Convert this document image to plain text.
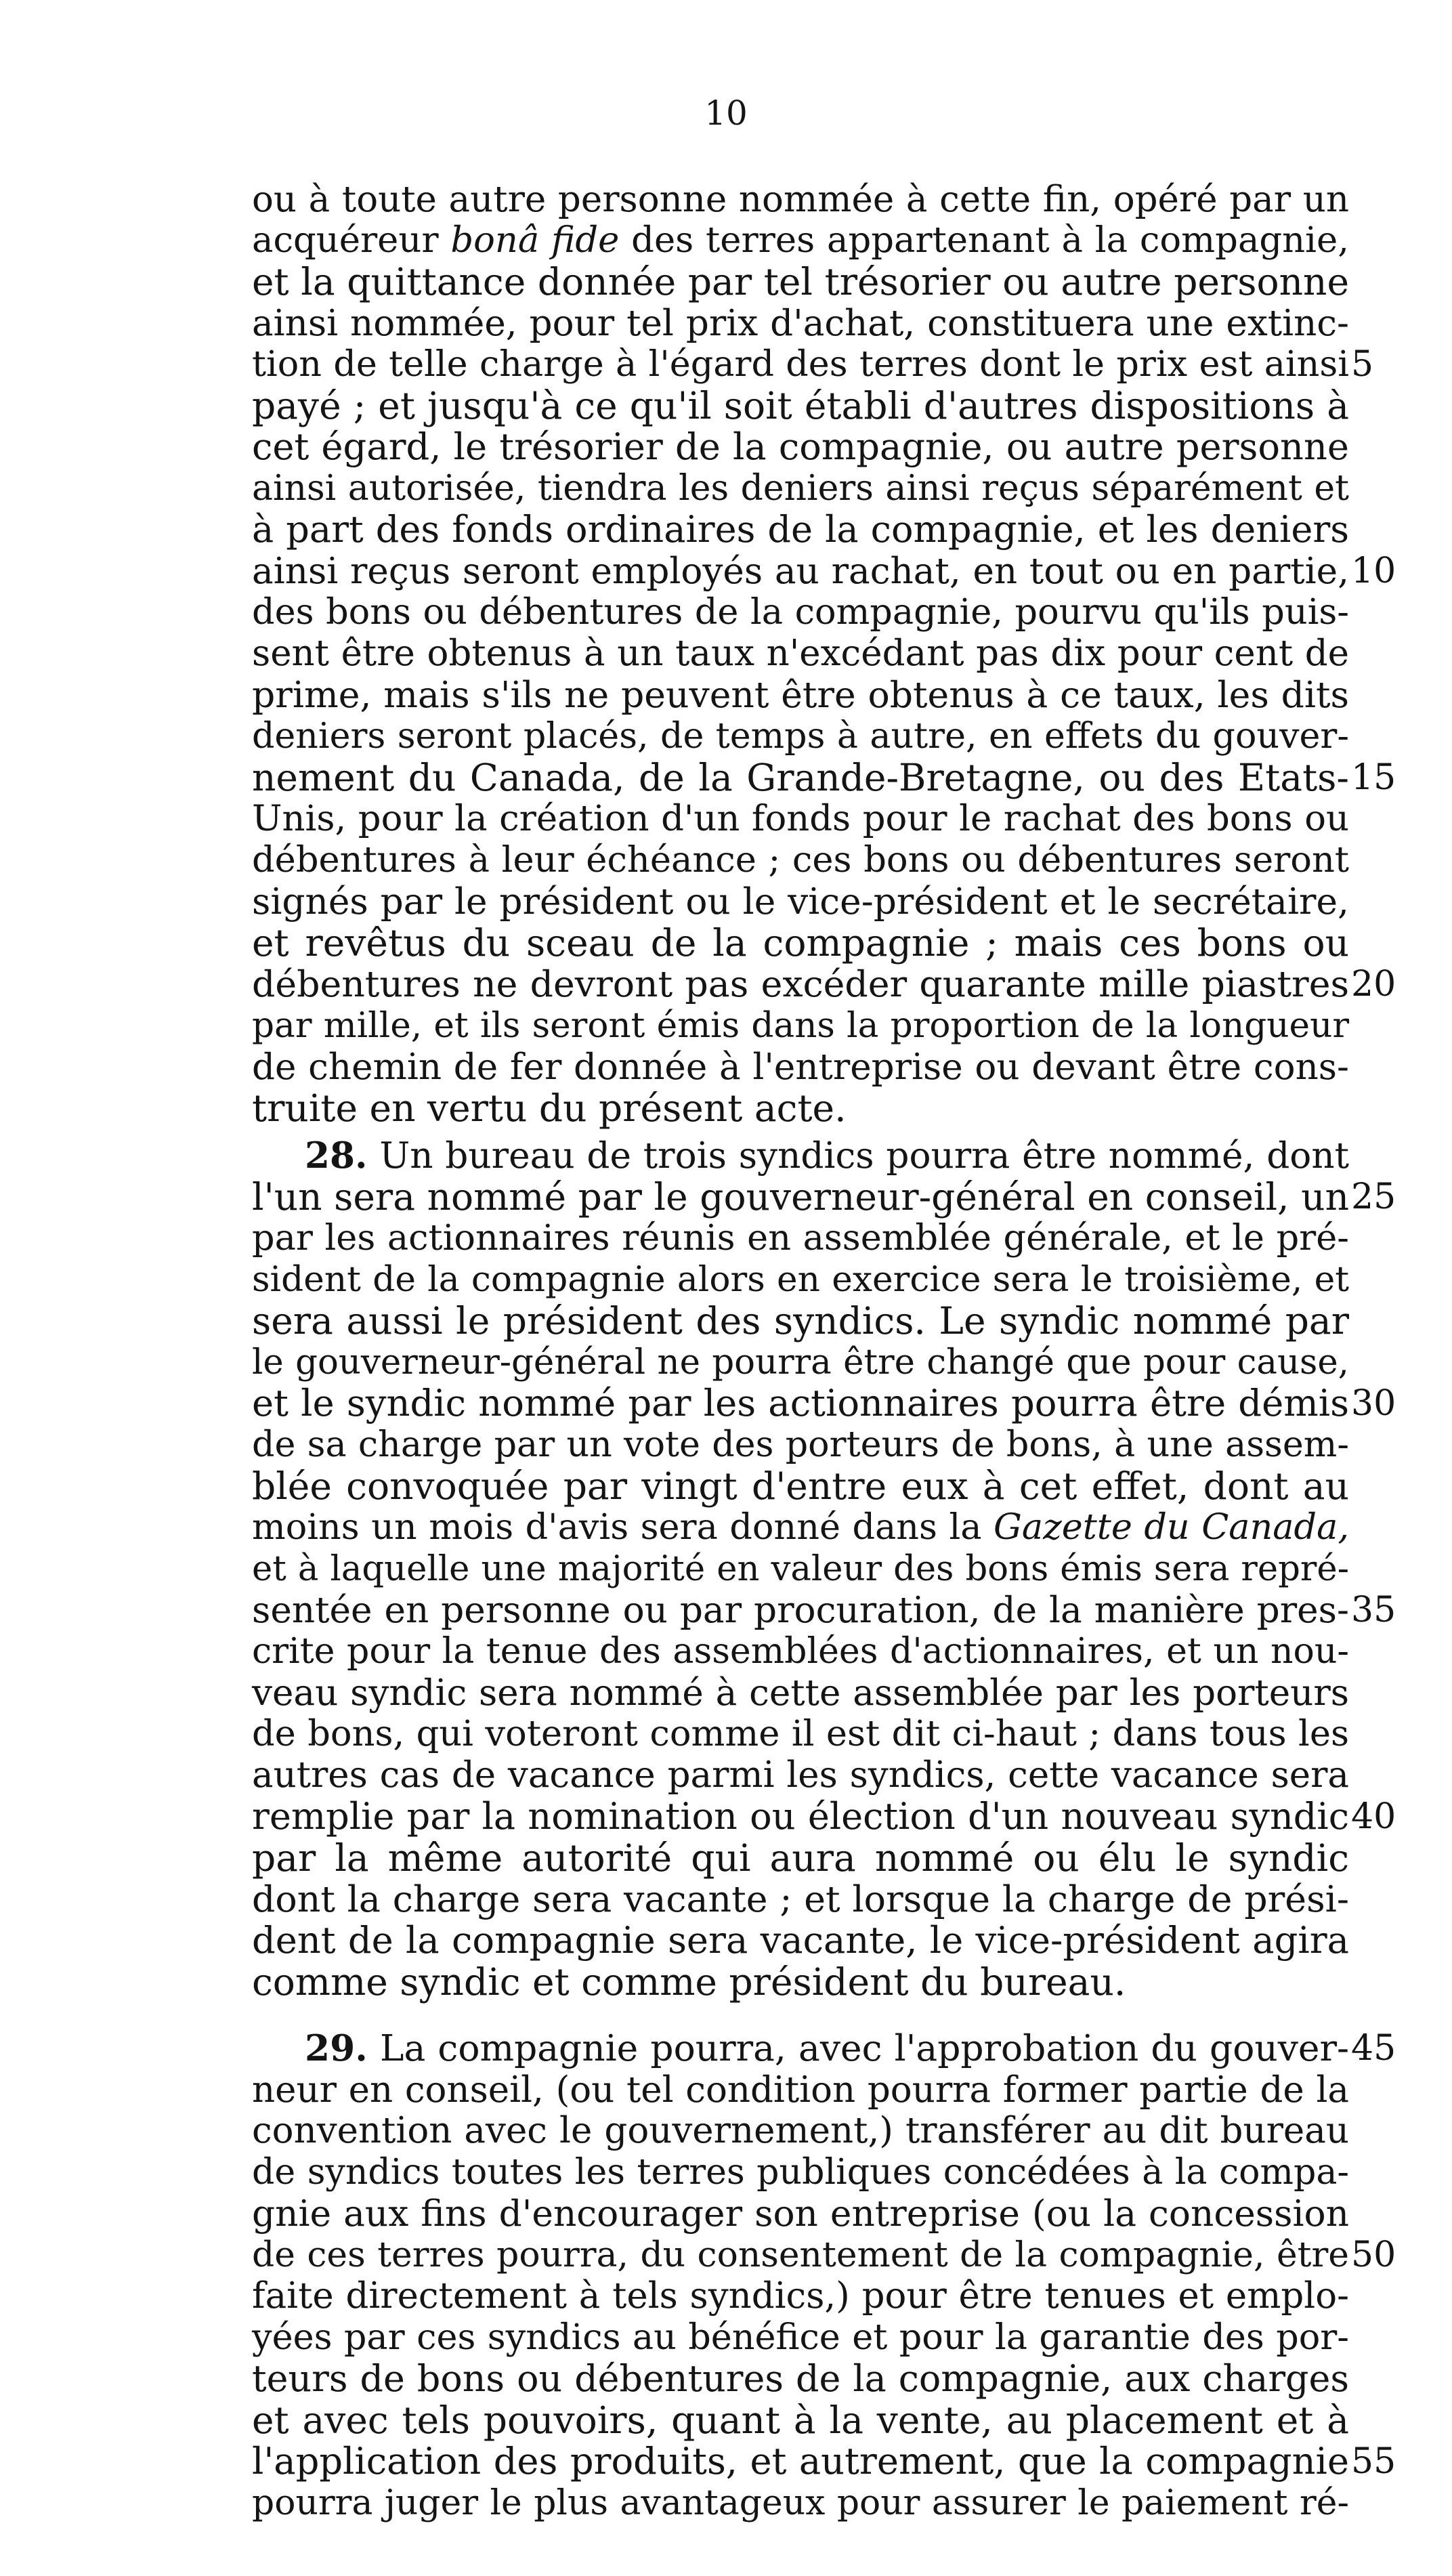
10
ou à toute autre personne nommée à cette fin, opéré par un
acquéreur bonâ fide des terres appartenant à la compagnie,
et la quittance donnée par tel trésorier ou autre personne
ainsi nommée, pour tel prix d'achat, constituera une extinc-
tion de telle charge à l'égard des terres dont le prix est ainsi 5
payé ; et jusqu'à ce qu'il soit établi d'autres dispositions à
cet égard, le trésorier de la compagnie, ou autre personne
ainsi autorisée, tiendra les deniers ainsi reçus séparément et
à part des fonds ordinaires de la compagnie, et les deniers
ainsi reçus seront employés au rachat, en tout ou en partie, 10
des bons ou débentures de la compagnie, pourvu qu'ils puis-
sent être obtenus à un taux n'excédant pas dix pour cent de
prime, mais s'ils ne peuvent être obtenus à ce taux, les dits
deniers seront placés, de temps à autre, en effets du gouver-
nement du Canada, de la Grande-Bretagne, ou des Etats- 15
Unis, pour la création d'un fonds pour le rachat des bons ou
débentures à leur échéance ; ces bons ou débentures seront
signés par le président ou le vice-président et le secrétaire,
et revêtus du sceau de la compagnie ; mais ces bons ou
débentures ne devront pas excéder quarante mille piastres 20
par mille, et ils seront émis dans la proportion de la longueur
de chemin de fer donnée à l'entreprise ou devant être cons-
truite en vertu du présent acte.
28. Un bureau de trois syndics pourra être nommé, dont
l'un sera nommé par le gouverneur-général en conseil, un 25
par les actionnaires réunis en assemblée générale, et le pré-
sident de la compagnie alors en exercice sera le troisième, et
sera aussi le président des syndics. Le syndic nommé par
le gouverneur-général ne pourra être changé que pour cause,
et le syndic nommé par les actionnaires pourra être démis 30
de sa charge par un vote des porteurs de bons, à une assem-
blée convoquée par vingt d'entre eux à cet effet, dont au
moins un mois d'avis sera donné dans la Gazette du Canada,
et à laquelle une majorité en valeur des bons émis sera repré-
sentée en personne ou par procuration, de la manière pres- 35
crite pour la tenue des assemblées d'actionnaires, et un nou-
veau syndic sera nommé à cette assemblée par les porteurs
de bons, qui voteront comme il est dit ci-haut ; dans tous les
autres cas de vacance parmi les syndics, cette vacance sera
remplie par la nomination ou élection d'un nouveau syndic 40
par la même autorité qui aura nommé ou élu le syndic
dont la charge sera vacante ; et lorsque la charge de prési-
dent de la compagnie sera vacante, le vice-président agira
comme syndic et comme président du bureau.
29. La compagnie pourra, avec l'approbation du gouver- 45
neur en conseil, (ou tel condition pourra former partie de la
convention avec le gouvernement,) transférer au dit bureau
de syndics toutes les terres publiques concédées à la compa-
gnie aux fins d'encourager son entreprise (ou la concession
de ces terres pourra, du consentement de la compagnie, être 50
faite directement à tels syndics,) pour être tenues et emplo-
yées par ces syndics au bénéfice et pour la garantie des por-
teurs de bons ou débentures de la compagnie, aux charges
et avec tels pouvoirs, quant à la vente, au placement et à
l'application des produits, et autrement, que la compagnie 55
pourra juger le plus avantageux pour assurer le paiement ré-
